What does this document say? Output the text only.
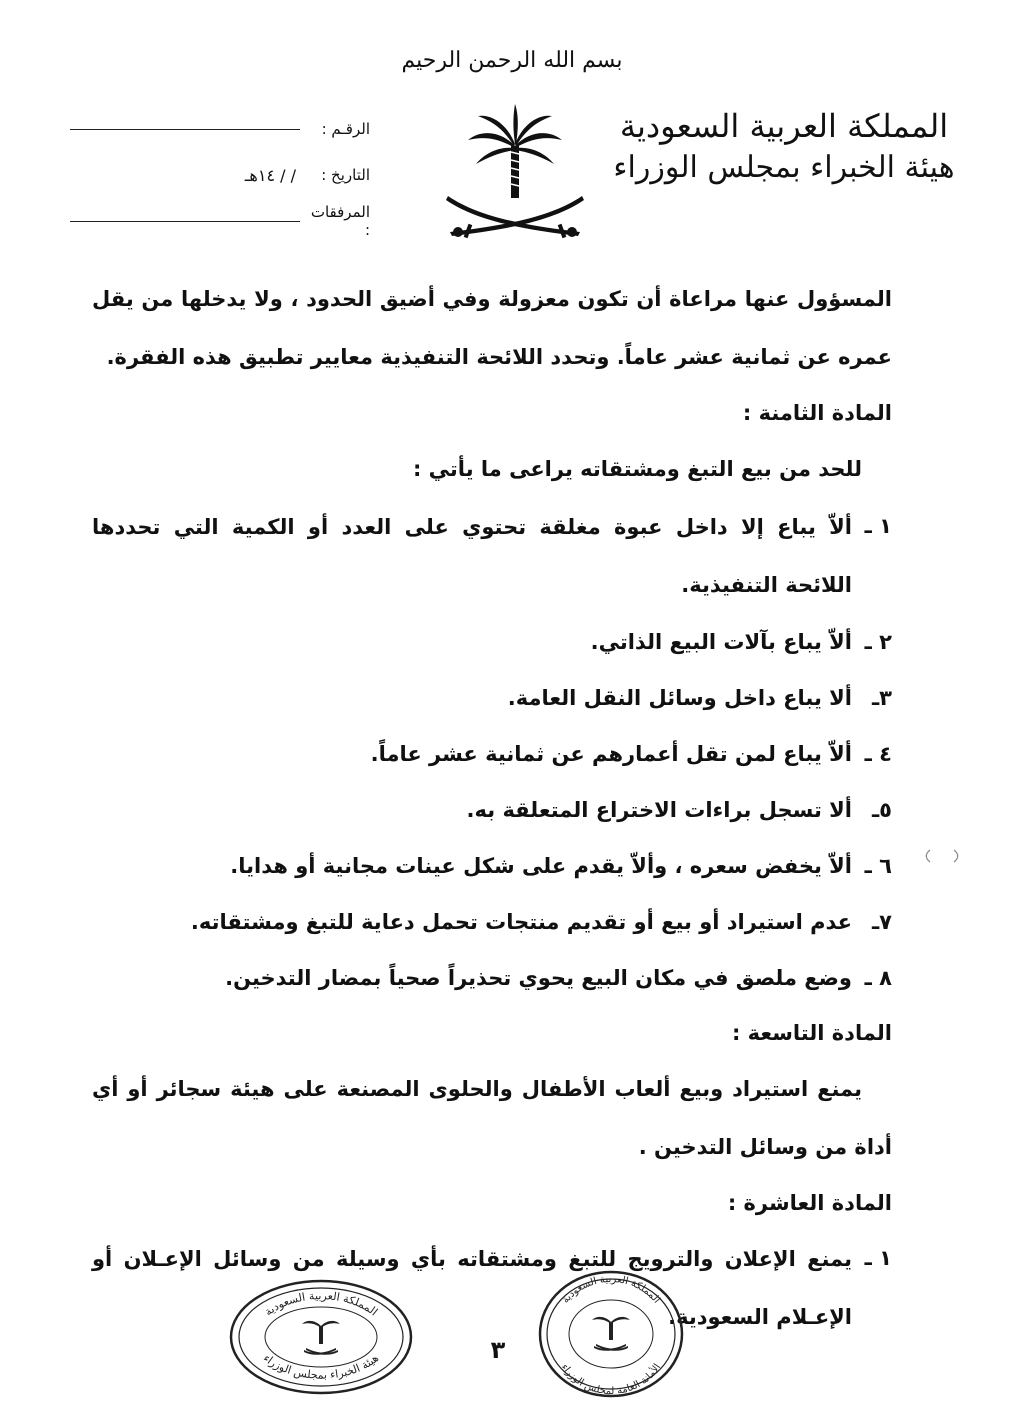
بسم الله الرحمن الرحيم
المملكة العربية السعودية
هيئة الخبراء بمجلس الوزراء
الرقـم :
التاريخ :
/ / ١٤هـ
المرفقات :
المسؤول عنها مراعاة أن تكون معزولة وفي أضيق الحدود ، ولا يدخلها من يقل عمره عن ثمانية عشر عاماً. وتحدد اللائحة التنفيذية معايير تطبيق هذه الفقرة.
المادة الثامنة :
للحد من بيع التبغ ومشتقاته يراعى ما يأتي :
١ ـ
ألاّ يباع إلا داخل عبوة مغلقة تحتوي على العدد أو الكمية التي تحددها اللائحة التنفيذية.
٢ ـ
ألاّ يباع بآلات البيع الذاتي.
٣ـ
ألا يباع داخل وسائل النقل العامة.
٤ ـ
ألاّ يباع لمن تقل أعمارهم عن ثمانية عشر عاماً.
٥ـ
ألا تسجل براءات الاختراع المتعلقة به.
٦ ـ
ألاّ يخفض سعره ، وألاّ يقدم على شكل عينات مجانية أو هدايا.
٧ـ
عدم استيراد أو بيع أو تقديم منتجات تحمل دعاية للتبغ ومشتقاته.
٨ ـ
وضع ملصق في مكان البيع يحوي تحذيراً صحياً بمضار التدخين.
المادة التاسعة :
يمنع استيراد وبيع ألعاب الأطفال والحلوى المصنعة على هيئة سجائر أو أي أداة من وسائل التدخين .
المادة العاشرة :
١ ـ
يمنع الإعلان والترويج للتبغ ومشتقاته بأي وسيلة من وسائل الإعـلان أو الإعـلام السعودية.
المملكة العربية السعودية
هيئة الخبراء بمجلس الوزراء
المملكة العربية السعودية
الأمانة العامة لمجلس الوزراء
٣
